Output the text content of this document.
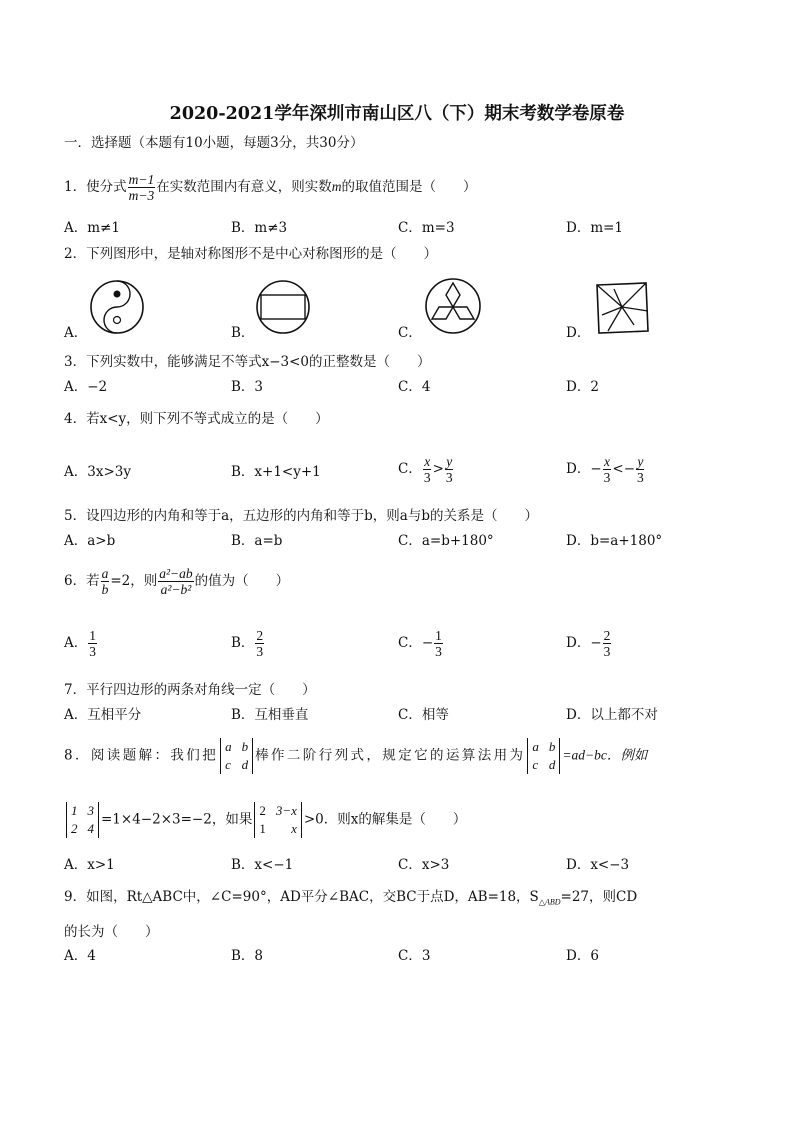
2020-2021学年深圳市南山区八（下）期末考数学卷原卷
一．选择题（本题有10小题，每题3分，共30分）
1．使分式 $\frac{m-1}{m-3}$ 在实数范围内有意义，则实数m的取值范围是（　　）
A．m≠1	B．m≠3	C．m=3	D．m=1
2．下列图形中，是轴对称图形不是中心对称图形的是（　　）
A．	B．	C．	D．
3．下列实数中，能够满足不等式x−3<0的正整数是（　　）
A．−2	B．3	C．4	D．2
4．若x<y，则下列不等式成立的是（　　）
A．3x>3y	B．x+1<y+1	C． $\frac{x}{3} > \frac{y}{3}$	D．− $\frac{x}{3} <- \frac{y}{3}$
5．设四边形的内角和等于a，五边形的内角和等于b，则a与b的关系是（　　）
A．a>b	B．a=b	C．a=b+180°	D．b=a+180°
6．若 $\frac{a}{b} =2$，则 $\frac{\text{a²−ab}}{\text{a²−b²}}$ 的值为（　　）
A． $\frac{1}{3}$	B． $\frac{2}{3}$	C．− $\frac{1}{3}$	D．− $\frac{2}{3}$
7．平行四边形的两条对角线一定（　　）
A．互相平分	B．互相垂直	C．相等	D．以上都不对
8．阅读题解：我们把
a b
c d
棒作二阶行列式，规定它的运算法用为
a b
c d
=ad−bc．例如
1 3
2 4
=1×4−2×3=−2，如果
2 3−x
1 x
>0．则x的解集是（　　）
A．x>1	B．x<−1	C．x>3	D．x<−3
9．如图，Rt△ABC中，∠C=90°，AD平分∠BAC，交BC于点D，AB=18，$S_{\triangle ABD}=27$，则CD
的长为（　　）
A．4	B．8	C．3	D．6
